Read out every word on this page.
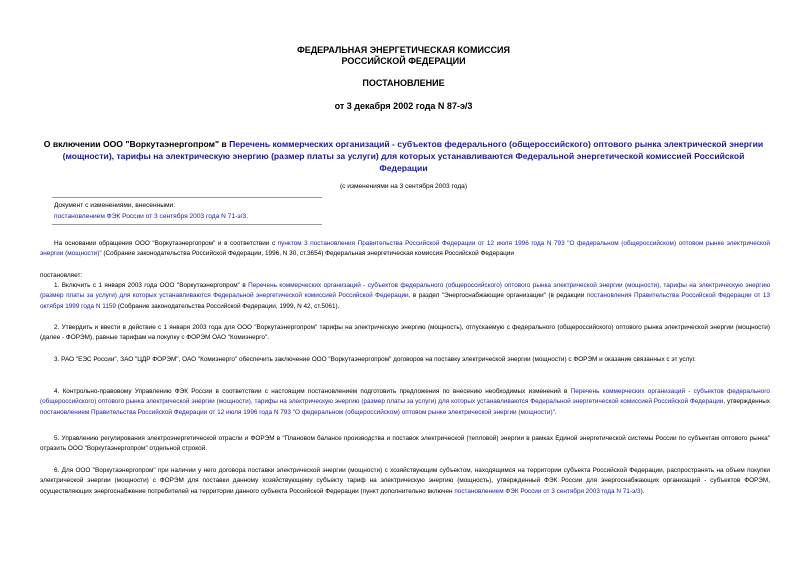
ФЕДЕРАЛЬНАЯ ЭНЕРГЕТИЧЕСКАЯ КОМИССИЯ
РОССИЙСКОЙ ФЕДЕРАЦИИ
ПОСТАНОВЛЕНИЕ
от 3 декабря 2002 года N 87-э/3
О включении ООО "Воркутаэнергопром" в Перечень коммерческих организаций - субъектов федерального (общероссийского) оптового рынка электрической энергии (мощности), тарифы на электрическую энергию (размер платы за услуги) для которых устанавливаются Федеральной энергетической комиссией Российской Федерации
(с изменениями на 3 сентября 2003 года)
Документ с изменениями, внесенными:
постановлением ФЭК России от 3 сентября 2003 года N 71-э/3.
На основании обращения ООО "Воркутаэнергопром" и в соответствии с пунктом 3 постановления Правительства Российской Федерации от 12 июля 1996 года N 793 "О федеральном (общероссийском) оптовом рынке электрической энергии (мощности)" (Собрание законодательства Российской Федерации, 1996, N 30, ст.3654) Федеральная энергетическая комиссия Российской Федерации
постановляет:
1. Включить с 1 января 2003 года ООО "Воркутаэнергопром" в Перечень коммерческих организаций - субъектов федерального (общероссийского) оптового рынка электрической энергии (мощности), тарифы на электрическую энергию (размер платы за услуги) для которых устанавливаются Федеральной энергетической комиссией Российской Федерации, в раздел "Энергоснабжающие организации" (в редакции постановления Правительства Российской Федерации от 13 октября 1999 года N 1159 (Собрание законодательства Российской Федерации, 1999, N 42, ст.5061).
2. Утвердить и ввести в действие с 1 января 2003 года для ООО "Воркутаэнергопром" тарифы на электрическую энергию (мощность), отпускаемую с федерального (общероссийского) оптового рынка электрической энергии (мощности) (далее - ФОРЭМ), равные тарифам на покупку с ФОРЭМ ОАО "Комиэнерго".
3. РАО "ЕЭС России", ЗАО "ЦДР ФОРЭМ", ОАО "Комиэнерго" обеспечить заключение ООО "Воркутаэнергопром" договоров на поставку электрической энергии (мощности) с ФОРЭМ и оказание связанных с эт услуг.
4. Контрольно-правовому Управлению ФЭК России в соответствии с настоящим постановлением подготовить предложения по внесению необходимых изменений в Перечень коммерческих организаций - субъектов федерального (общероссийского) оптового рынка электрической энергии (мощности), тарифы на электрическую энергию (размер платы за услуги) для которых устанавливаются Федеральной энергетической комиссией Российской Федерации, утвержденных постановлением Правительства Российской Федерации от 12 июля 1996 года N 793 "О федеральном (общероссийском) оптовом рынке электрической энергии (мощности)".
5. Управлению регулирования электроэнергетической отрасли и ФОРЭМ в "Плановом балансе производства и поставок электрической (тепловой) энергии в рамках Единой энергетической системы России по субъектам оптового рынка" отразить ООО "Воркутаэнергопром" отдельной строкой.
6. Для ООО "Воркутаэнергопром" при наличии у него договора поставки электрической энергии (мощности) с хозяйствующим субъектом, находящимся на территории субъекта Российской Федерации, распространять на объем покупки электрической энергии (мощности) с ФОРЭМ для поставки данному хозяйствующему субъекту тариф на электрическую энергию (мощность), утвержденный ФЭК России для энергоснабжающих организаций - субъектов ФОРЭМ, осуществляющих энергоснабжение потребителей на территории данного субъекта Российской Федерации (пункт дополнительно включен постановлением ФЭК России от 3 сентября 2003 года N 71-э/3).
